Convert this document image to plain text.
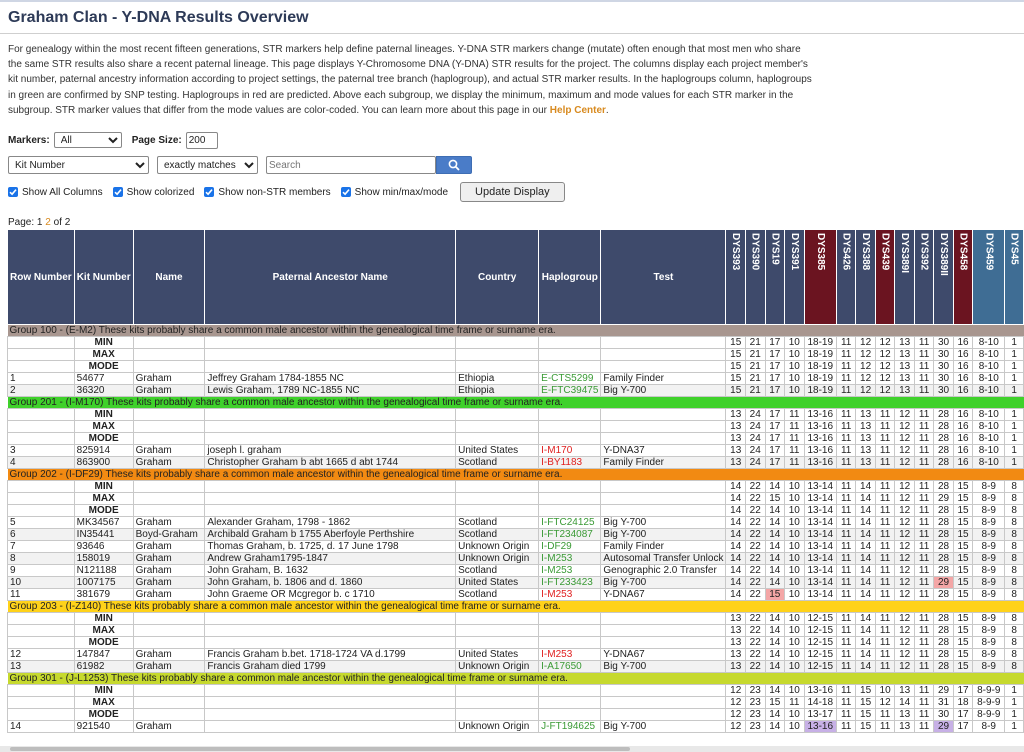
Graham Clan - Y-DNA Results Overview

For genealogy within the most recent fifteen generations, STR markers help define paternal lineages. Y-DNA STR markers change (mutate) often enough that most men who share the same STR results also share a recent paternal lineage. This page displays Y-Chromosome DNA (Y-DNA) STR results for the project. The columns display each project member's kit number, paternal ancestry information according to project settings, the paternal tree branch (haplogroup), and actual STR marker results. In the haplogroups column, haplogroups in green are confirmed by SNP testing. Haplogroups in red are predicted. Above each subgroup, we display the minimum, maximum and mode values for each STR marker in the subgroup. STR marker values that differ from the mode values are color-coded. You can learn more about this page in our Help Center.

Markers:
All	Page Size:
200
Kit Number
exactly matches
Search
Show All Columns Show colorized Show non-STR members Show min/max/mode	Update Display
Page: 1 2 of 2
Row Number	Kit Number	Name	Paternal Ancestor Name	Country	Haplogroup	Test	DYS393	DYS390	DYS19	DYS391	DYS385	DYS426	DYS388	DYS439	DYS389I	DYS392	DYS389II	DYS458	DYS459	DYS45
Group 100 - (E-M2) These kits probably share a common male ancestor within the genealogical time frame or surname era.																				
	MIN						15	21	17	10	18-19	11	12	12	13	11	30	16	8-10	1
	MAX						15	21	17	10	18-19	11	12	12	13	11	30	16	8-10	1
	MODE						15	21	17	10	18-19	11	12	12	13	11	30	16	8-10	1
1	54677	Graham	Jeffrey Graham 1784-1855 NC	Ethiopia	E-CTS5299	Family Finder	15	21	17	10	18-19	11	12	12	13	11	30	16	8-10	1
2	36320	Graham	Lewis Graham, 1789 NC-1855 NC	Ethiopia	E-FTC39475	Big Y-700	15	21	17	10	18-19	11	12	12	13	11	30	16	8-10	1
Group 201 - (I-M170) These kits probably share a common male ancestor within the genealogical time frame or surname era.																				
	MIN						13	24	17	11	13-16	11	13	11	12	11	28	16	8-10	1
	MAX						13	24	17	11	13-16	11	13	11	12	11	28	16	8-10	1
	MODE						13	24	17	11	13-16	11	13	11	12	11	28	16	8-10	1
3	825914	Graham	joseph l. graham	United States	I-M170	Y-DNA37	13	24	17	11	13-16	11	13	11	12	11	28	16	8-10	1
4	863900	Graham	Christopher Graham b abt 1665 d abt 1744	Scotland	I-BY1183	Family Finder	13	24	17	11	13-16	11	13	11	12	11	28	16	8-10	1
Group 202 - (I-DF29) These kits probably share a common male ancestor within the genealogical time frame or surname era.																				
	MIN						14	22	14	10	13-14	11	14	11	12	11	28	15	8-9	8
	MAX						14	22	15	10	13-14	11	14	11	12	11	29	15	8-9	8
	MODE						14	22	14	10	13-14	11	14	11	12	11	28	15	8-9	8
5	MK34567	Graham	Alexander Graham, 1798 - 1862	Scotland	I-FTC24125	Big Y-700	14	22	14	10	13-14	11	14	11	12	11	28	15	8-9	8
6	IN35441	Boyd-Graham	Archibald Graham b 1755 Aberfoyle Perthshire	Scotland	I-FT234087	Big Y-700	14	22	14	10	13-14	11	14	11	12	11	28	15	8-9	8
7	93646	Graham	Thomas Graham, b. 1725, d. 17 June 1798	Unknown Origin	I-DF29	Family Finder	14	22	14	10	13-14	11	14	11	12	11	28	15	8-9	8
8	158019	Graham	Andrew Graham1795-1847	Unknown Origin	I-M253	Autosomal Transfer Unlock	14	22	14	10	13-14	11	14	11	12	11	28	15	8-9	8
9	N121188	Graham	John Graham, B. 1632	Scotland	I-M253	Genographic 2.0 Transfer	14	22	14	10	13-14	11	14	11	12	11	28	15	8-9	8
10	1007175	Graham	John Graham, b. 1806 and d. 1860	United States	I-FT233423	Big Y-700	14	22	14	10	13-14	11	14	11	12	11	29	15	8-9	8
11	381679	Graham	John Graeme OR Mcgregor b. c 1710	Scotland	I-M253	Y-DNA67	14	22	15	10	13-14	11	14	11	12	11	28	15	8-9	8
Group 203 - (I-Z140) These kits probably share a common male ancestor within the genealogical time frame or surname era.																				
	MIN						13	22	14	10	12-15	11	14	11	12	11	28	15	8-9	8
	MAX						13	22	14	10	12-15	11	14	11	12	11	28	15	8-9	8
	MODE						13	22	14	10	12-15	11	14	11	12	11	28	15	8-9	8
12	147847	Graham	Francis Graham b.bet. 1718-1724 VA d.1799	United States	I-M253	Y-DNA67	13	22	14	10	12-15	11	14	11	12	11	28	15	8-9	8
13	61982	Graham	Francis Graham died 1799	Unknown Origin	I-A17650	Big Y-700	13	22	14	10	12-15	11	14	11	12	11	28	15	8-9	8
Group 301 - (J-L1253) These kits probably share a common male ancestor within the genealogical time frame or surname era.																				
	MIN						12	23	14	10	13-16	11	15	10	13	11	29	17	8-9-9	1
	MAX						12	23	15	11	14-18	11	15	12	14	11	31	18	8-9-9	1
	MODE						12	23	14	10	13-17	11	15	11	13	11	30	17	8-9-9	1
14	921540	Graham		Unknown Origin	J-FT194625	Big Y-700	12	23	14	10	13-16	11	15	11	13	11	29	17	8-9	1
